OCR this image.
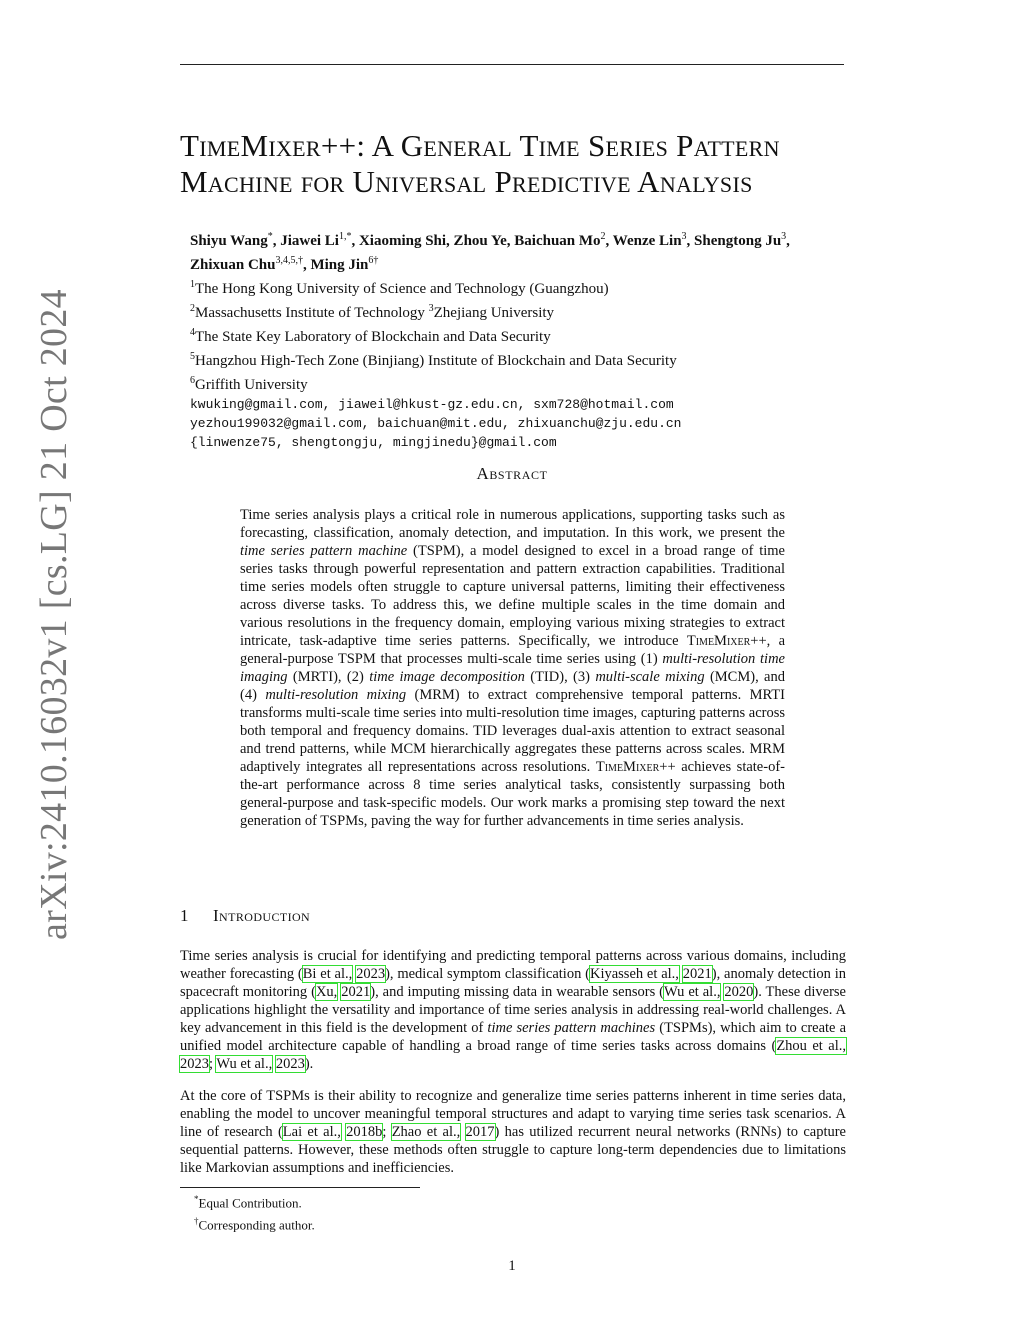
arXiv:2410.16032v1 [cs.LG] 21 Oct 2024
TimeMixer++: A General Time Series Pattern
Machine for Universal Predictive Analysis
Shiyu Wang*, Jiawei $Li^{1,*}$, Xiaoming Shi, Zhou Ye, Baichuan Mo$^2$, Wenze Lin$^3$, Shengtong Ju$^3$,
Zhixuan Chu$^{3,4,5,\dagger}$, Ming Jin$^{6\dagger}$

$^1$The Hong Kong University of Science and Technology (Guangzhou)

$^2$Massachusetts Institute of Technology $^3$Zhejiang University

$^4$The State Key Laboratory of Blockchain and Data Security

$^5$Hangzhou High-Tech Zone (Binjiang) Institute of Blockchain and Data Security

$^6$Griffith University

kwuking@gmail.com, jiaweil@hkust-gz.edu.cn, sxm728@hotmail.com

yezhou199032@gmail.com, baichuan@mit.edu, zhixuanchu@zju.edu.cn

{linwenze75, shengtongju, mingjinedu}@gmail.com

Abstract

Time series analysis plays a critical role in numerous applications, supporting tasks such as forecasting, classification, anomaly detection, and imputation. In this work, we present the time series pattern machine (TSPM), a model designed to excel in a broad range of time series tasks through powerful representation and pattern extraction capabilities. Traditional time series models often struggle to capture universal patterns, limiting their effectiveness across diverse tasks. To address this, we define multiple scales in the time domain and various resolutions in the frequency domain, employing various mixing strategies to extract intricate, task-adaptive time series patterns. Specifically, we introduce TimeMixer++, a general-purpose TSPM that processes multi-scale time series using (1) multi-resolution time imaging (MRTI), (2) time image decomposition (TID), (3) multi-scale mixing (MCM), and (4) multi-resolution mixing (MRM) to extract comprehensive temporal patterns. MRTI transforms multi-scale time series into multi-resolution time images, capturing patterns across both temporal and frequency domains. TID leverages dual-axis attention to extract seasonal and trend patterns, while MCM hierarchically aggregates these patterns across scales. MRM adaptively integrates all representations across resolutions. TimeMixer++ achieves state-of-the-art performance across 8 time series analytical tasks, consistently surpassing both general-purpose and task-specific models. Our work marks a promising step toward the next generation of TSPMs, paving the way for further advancements in time series analysis.

1 Introduction

Time series analysis is crucial for identifying and predicting temporal patterns across various domains, including weather forecasting (Bi et al., 2023), medical symptom classification (Kiyasseh et al., 2021), anomaly detection in spacecraft monitoring (Xu, 2021), and imputing missing data in wearable sensors (Wu et al., 2020). These diverse applications highlight the versatility and importance of time series analysis in addressing real-world challenges. A key advancement in this field is the development of time series pattern machines (TSPMs), which aim to create a unified model architecture capable of handling a broad range of time series tasks across domains (Zhou et al., 2023; Wu et al., 2023).

At the core of TSPMs is their ability to recognize and generalize time series patterns inherent in time series data, enabling the model to uncover meaningful temporal structures and adapt to varying time series task scenarios. A line of research (Lai et al., 2018b; Zhao et al., 2017) has utilized recurrent neural networks (RNNs) to capture sequential patterns. However, these methods often struggle to capture long-term dependencies due to limitations like Markovian assumptions and inefficiencies.

*Equal Contribution.

†Corresponding author.

1
